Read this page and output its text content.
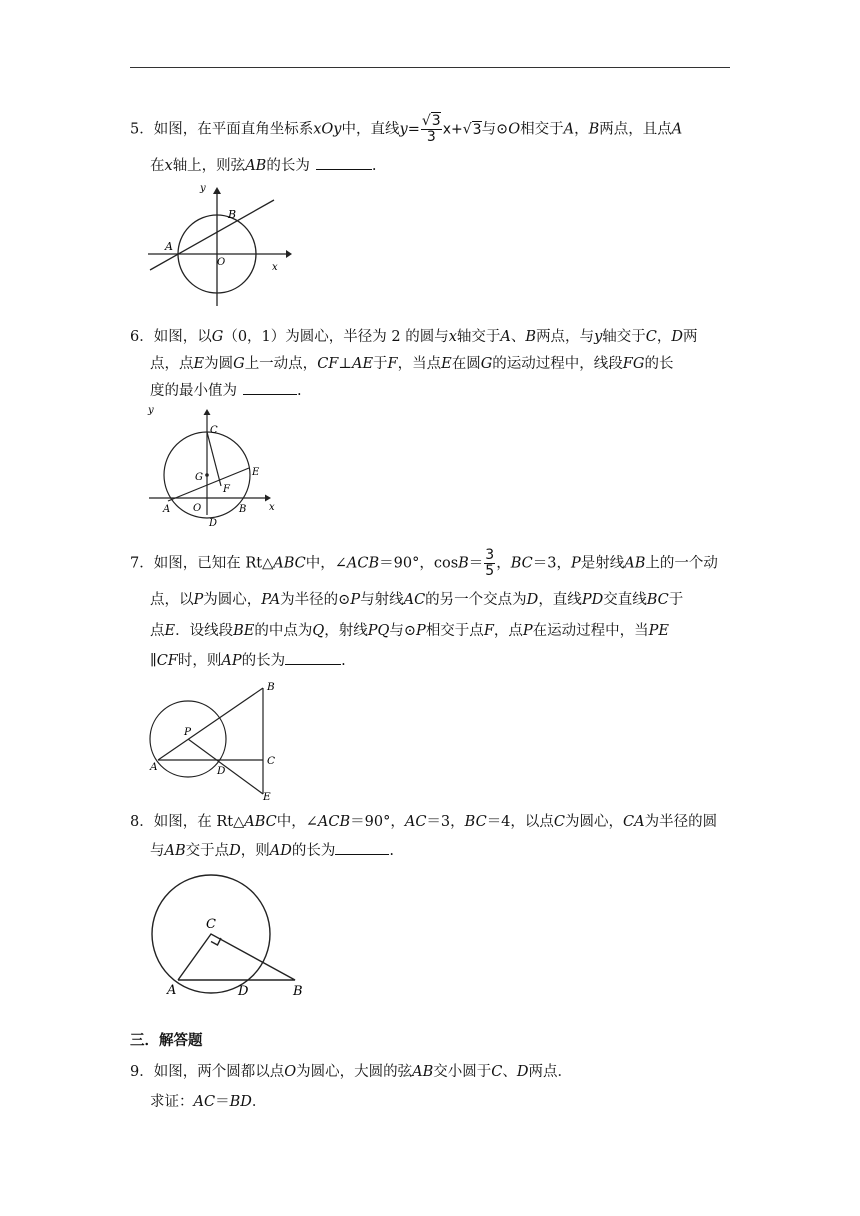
5．如图，在平面直角坐标系xOy中，直线$y= \frac{√3}{3} x+√3$与⊙O相交于A，B两点，且点A
在x轴上，则弦AB的长为	.
y
x
A
B
O
6．如图，以G（0，1）为圆心，半径为 2 的圆与x轴交于A、B两点，与y轴交于C，D两
点，点E为圆G上一动点，CF⊥AE于F，当点E在圆G的运动过程中，线段FG的长
度的最小值为	.
y
x
C
G	E
F
A O	B
D
7．如图，已知在 Rt△ABC中，∠ACB＝90°，$\cos B= \frac{3}{5}$ ，BC＝3，P是射线AB上的一个动
点，以P为圆心，PA为半径的⊙P与射线AC的另一个交点为D，直线PD交直线BC于
点E．设线段BE的中点为Q，射线PQ与⊙P相交于点F，点P在运动过程中，当PE
∥CF时，则AP的长为	.
B
P
C
A	D
E
8．如图，在 Rt△ABC中，∠ACB＝90°，AC＝3，BC＝4，以点C为圆心，CA为半径的圆
与AB交于点D，则AD的长为	.
C
A	D	B
三．解答题
9．如图，两个圆都以点O为圆心，大圆的弦AB交小圆于C、D两点．
求证：AC＝BD．
